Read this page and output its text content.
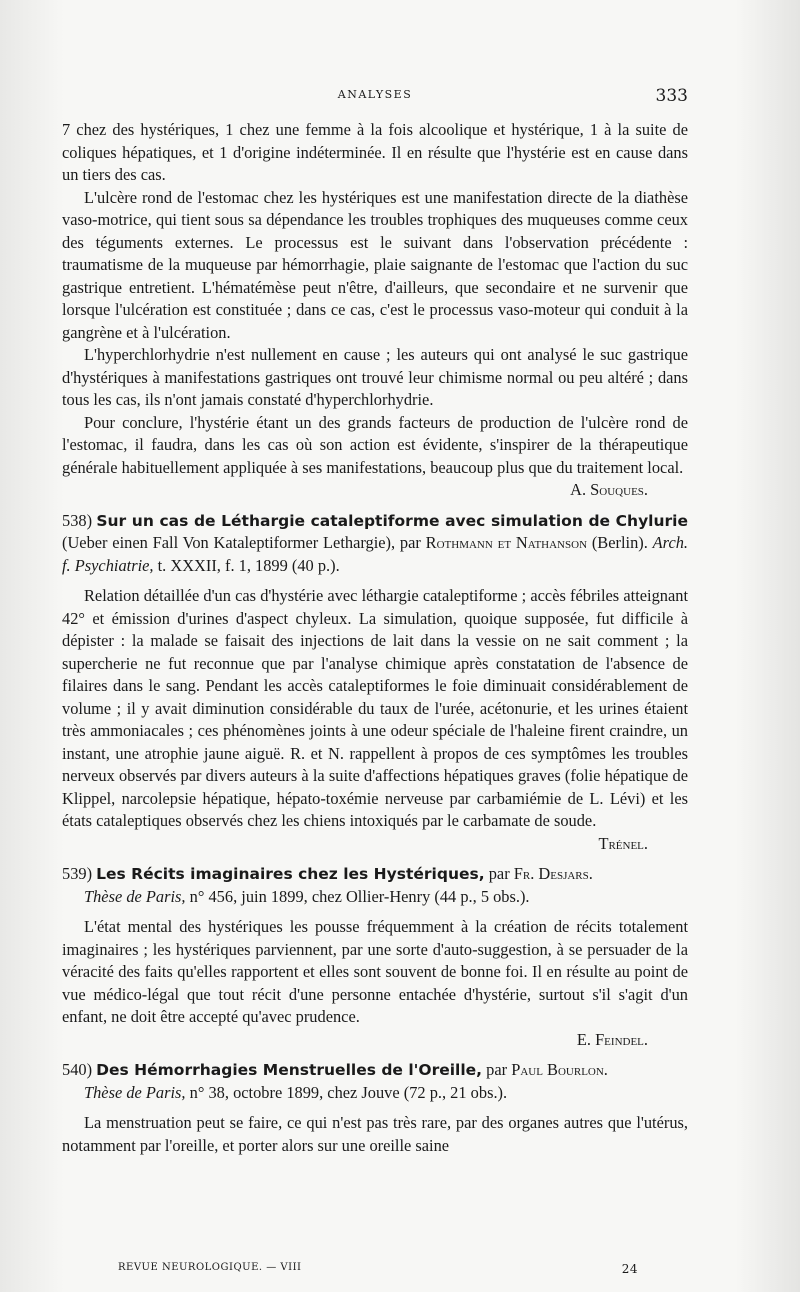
ANALYSES	333

7 chez des hystériques, 1 chez une femme à la fois alcoolique et hystérique, 1 à la suite de coliques hépatiques, et 1 d'origine indéterminée. Il en résulte que l'hystérie est en cause dans un tiers des cas.

L'ulcère rond de l'estomac chez les hystériques est une manifestation directe de la diathèse vaso-motrice, qui tient sous sa dépendance les troubles trophiques des muqueuses comme ceux des téguments externes. Le processus est le suivant dans l'observation précédente : traumatisme de la muqueuse par hémorrhagie, plaie saignante de l'estomac que l'action du suc gastrique entretient. L'hématémèse peut n'être, d'ailleurs, que secondaire et ne survenir que lorsque l'ulcération est constituée ; dans ce cas, c'est le processus vaso-moteur qui conduit à la gangrène et à l'ulcération.

L'hyperchlorhydrie n'est nullement en cause ; les auteurs qui ont analysé le suc gastrique d'hystériques à manifestations gastriques ont trouvé leur chimisme normal ou peu altéré ; dans tous les cas, ils n'ont jamais constaté d'hyperchlorhydrie.

Pour conclure, l'hystérie étant un des grands facteurs de production de l'ulcère rond de l'estomac, il faudra, dans les cas où son action est évidente, s'inspirer de la thérapeutique générale habituellement appliquée à ses manifestations, beaucoup plus que du traitement local.

A. Souques.

538) Sur un cas de Léthargie cataleptiforme avec simulation de Chylurie (Ueber einen Fall Von Kataleptiformer Lethargie), par Rothmann et Nathanson (Berlin). Arch. f. Psychiatrie, t. XXXII, f. 1, 1899 (40 p.).

Relation détaillée d'un cas d'hystérie avec léthargie cataleptiforme ; accès fébriles atteignant 42° et émission d'urines d'aspect chyleux. La simulation, quoique supposée, fut difficile à dépister : la malade se faisait des injections de lait dans la vessie on ne sait comment ; la supercherie ne fut reconnue que par l'analyse chimique après constatation de l'absence de filaires dans le sang. Pendant les accès cataleptiformes le foie diminuait considérablement de volume ; il y avait diminution considérable du taux de l'urée, acétonurie, et les urines étaient très ammoniacales ; ces phénomènes joints à une odeur spéciale de l'haleine firent craindre, un instant, une atrophie jaune aiguë. R. et N. rappellent à propos de ces symptômes les troubles nerveux observés par divers auteurs à la suite d'affections hépatiques graves (folie hépatique de Klippel, narcolepsie hépatique, hépato-toxémie nerveuse par carbamiémie de L. Lévi) et les états cataleptiques observés chez les chiens intoxiqués par le carbamate de soude.

Trénel.

539) Les Récits imaginaires chez les Hystériques, par Fr. Desjars.

Thèse de Paris, n° 456, juin 1899, chez Ollier-Henry (44 p., 5 obs.).

L'état mental des hystériques les pousse fréquemment à la création de récits totalement imaginaires ; les hystériques parviennent, par une sorte d'auto-suggestion, à se persuader de la véracité des faits qu'elles rapportent et elles sont souvent de bonne foi. Il en résulte au point de vue médico-légal que tout récit d'une personne entachée d'hystérie, surtout s'il s'agit d'un enfant, ne doit être accepté qu'avec prudence.

E. Feindel.

540) Des Hémorrhagies Menstruelles de l'Oreille, par Paul Bourlon.

Thèse de Paris, n° 38, octobre 1899, chez Jouve (72 p., 21 obs.).

La menstruation peut se faire, ce qui n'est pas très rare, par des organes autres que l'utérus, notamment par l'oreille, et porter alors sur une oreille saine

REVUE NEUROLOGIQUE. — VIII	24
